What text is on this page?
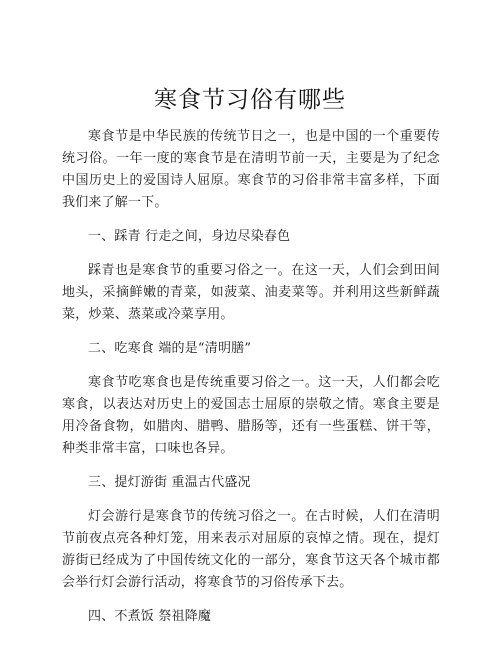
寒食节习俗有哪些

寒食节是中华民族的传统节日之一，也是中国的一个重要传统习俗。一年一度的寒食节是在清明节前一天，主要是为了纪念中国历史上的爱国诗人屈原。寒食节的习俗非常丰富多样，下面我们来了解一下。

一、踩青 行走之间，身边尽染春色

踩青也是寒食节的重要习俗之一。在这一天，人们会到田间地头，采摘鲜嫩的青菜，如菠菜、油麦菜等。并利用这些新鲜蔬菜，炒菜、蒸菜或冷菜享用。

二、吃寒食 端的是“清明膳”

寒食节吃寒食也是传统重要习俗之一。这一天，人们都会吃寒食，以表达对历史上的爱国志士屈原的崇敬之情。寒食主要是用冷备食物，如腊肉、腊鸭、腊肠等，还有一些蛋糕、饼干等，种类非常丰富，口味也各异。

三、提灯游街 重温古代盛况

灯会游行是寒食节的传统习俗之一。在古时候，人们在清明节前夜点亮各种灯笼，用来表示对屈原的哀悼之情。现在，提灯游街已经成为了中国传统文化的一部分，寒食节这天各个城市都会举行灯会游行活动，将寒食节的习俗传承下去。

四、不煮饭 祭祖降魔
